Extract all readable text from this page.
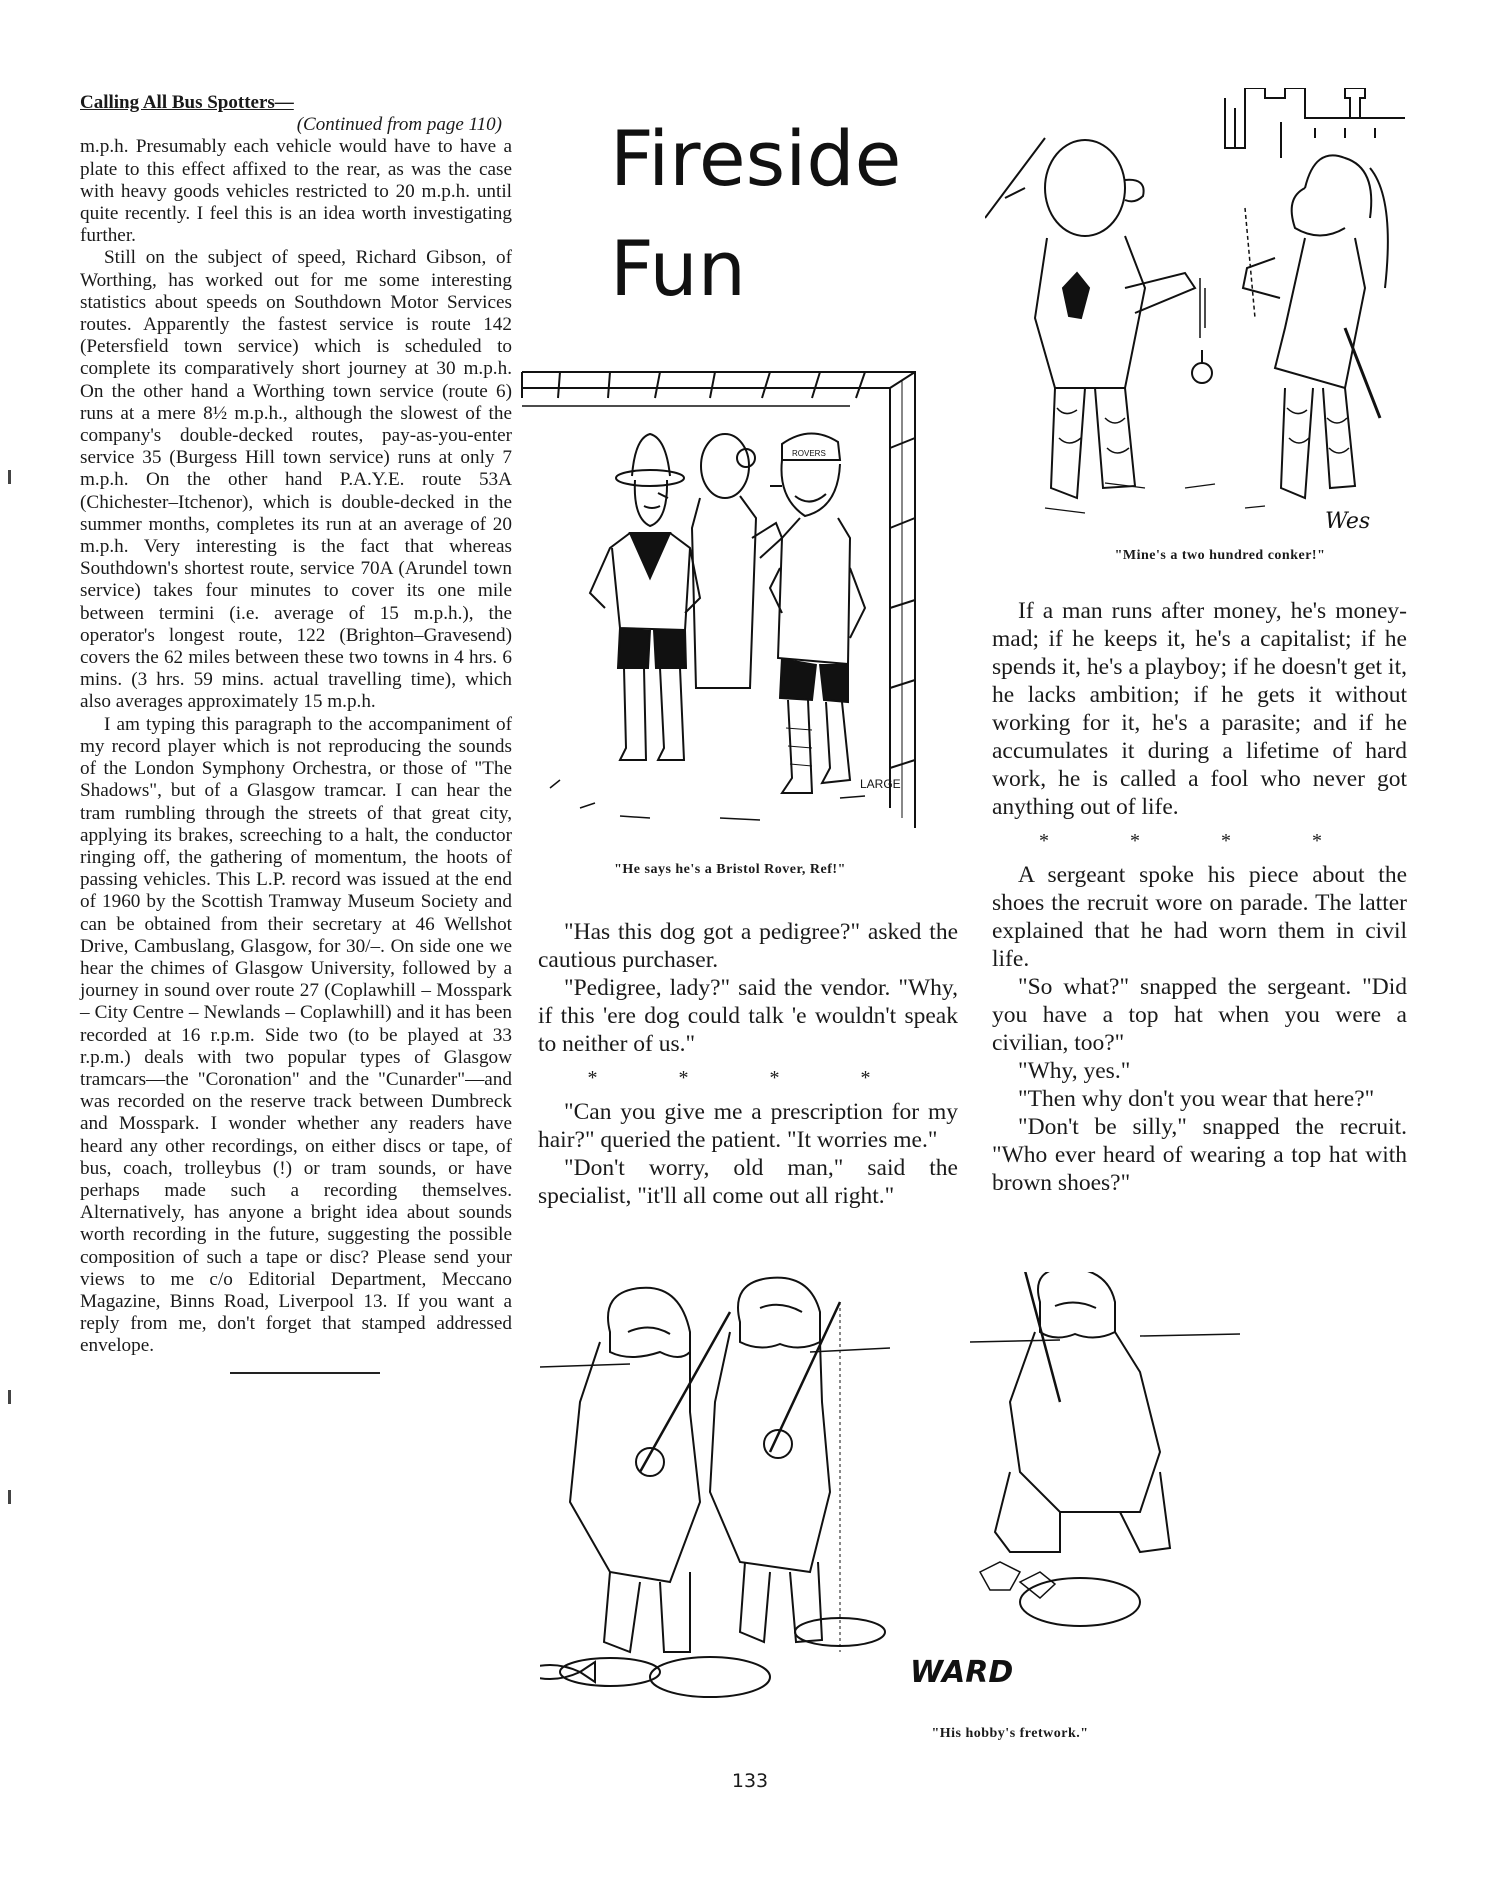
Calling All Bus Spotters—
(Continued from page 110)

m.p.h. Presumably each vehicle would have to have a plate to this effect affixed to the rear, as was the case with heavy goods vehicles restricted to 20 m.p.h. until quite recently. I feel this is an idea worth investigating further.

Still on the subject of speed, Richard Gibson, of Worthing, has worked out for me some interesting statistics about speeds on Southdown Motor Services routes. Apparently the fastest service is route 142 (Petersfield town service) which is scheduled to complete its comparatively short journey at 30 m.p.h. On the other hand a Worthing town service (route 6) runs at a mere 8½ m.p.h., although the slowest of the company's double-decked routes, pay-as-you-enter service 35 (Burgess Hill town service) runs at only 7 m.p.h. On the other hand P.A.Y.E. route 53A (Chichester–Itchenor), which is double-decked in the summer months, completes its run at an average of 20 m.p.h. Very interesting is the fact that whereas Southdown's shortest route, service 70A (Arundel town service) takes four minutes to cover its one mile between termini (i.e. average of 15 m.p.h.), the operator's longest route, 122 (Brighton–Gravesend) covers the 62 miles between these two towns in 4 hrs. 6 mins. (3 hrs. 59 mins. actual travelling time), which also averages approximately 15 m.p.h.

I am typing this paragraph to the accompaniment of my record player which is not reproducing the sounds of the London Symphony Orchestra, or those of "The Shadows", but of a Glasgow tramcar. I can hear the tram rumbling through the streets of that great city, applying its brakes, screeching to a halt, the conductor ringing off, the gathering of momentum, the hoots of passing vehicles. This L.P. record was issued at the end of 1960 by the Scottish Tramway Museum Society and can be obtained from their secretary at 46 Wellshot Drive, Cambuslang, Glasgow, for 30/–. On side one we hear the chimes of Glasgow University, followed by a journey in sound over route 27 (Coplawhill – Mosspark – City Centre – Newlands – Coplawhill) and it has been recorded at 16 r.p.m. Side two (to be played at 33 r.p.m.) deals with two popular types of Glasgow tramcars—the "Coronation" and the "Cunarder"—and was recorded on the reserve track between Dumbreck and Mosspark. I wonder whether any readers have heard any other recordings, on either discs or tape, of bus, coach, trolleybus (!) or tram sounds, or have perhaps made such a recording themselves. Alternatively, has anyone a bright idea about sounds worth recording in the future, suggesting the possible composition of such a tape or disc? Please send your views to me c/o Editorial Department, Meccano Magazine, Binns Road, Liverpool 13. If you want a reply from me, don't forget that stamped addressed envelope.

Fireside
Fun
LARGE
ROVERS
"He says he's a Bristol Rover, Ref!"
Wes
"Mine's a two hundred conker!"

"Has this dog got a pedigree?" asked the cautious purchaser.

"Pedigree, lady?" said the vendor. "Why, if this 'ere dog could talk 'e wouldn't speak to neither of us."

* * * *

"Can you give me a prescription for my hair?" queried the patient. "It worries me."

"Don't worry, old man," said the specialist, "it'll all come out all right."

If a man runs after money, he's money-mad; if he keeps it, he's a capitalist; if he spends it, he's a playboy; if he doesn't get it, he lacks ambition; if he gets it without working for it, he's a parasite; and if he accumulates it during a lifetime of hard work, he is called a fool who never got anything out of life.

* * * *

A sergeant spoke his piece about the shoes the recruit wore on parade. The latter explained that he had worn them in civil life.

"So what?" snapped the sergeant. "Did you have a top hat when you were a civilian, too?"

"Why, yes."

"Then why don't you wear that here?"

"Don't be silly," snapped the recruit. "Who ever heard of wearing a top hat with brown shoes?"

WARD
"His hobby's fretwork."
133
